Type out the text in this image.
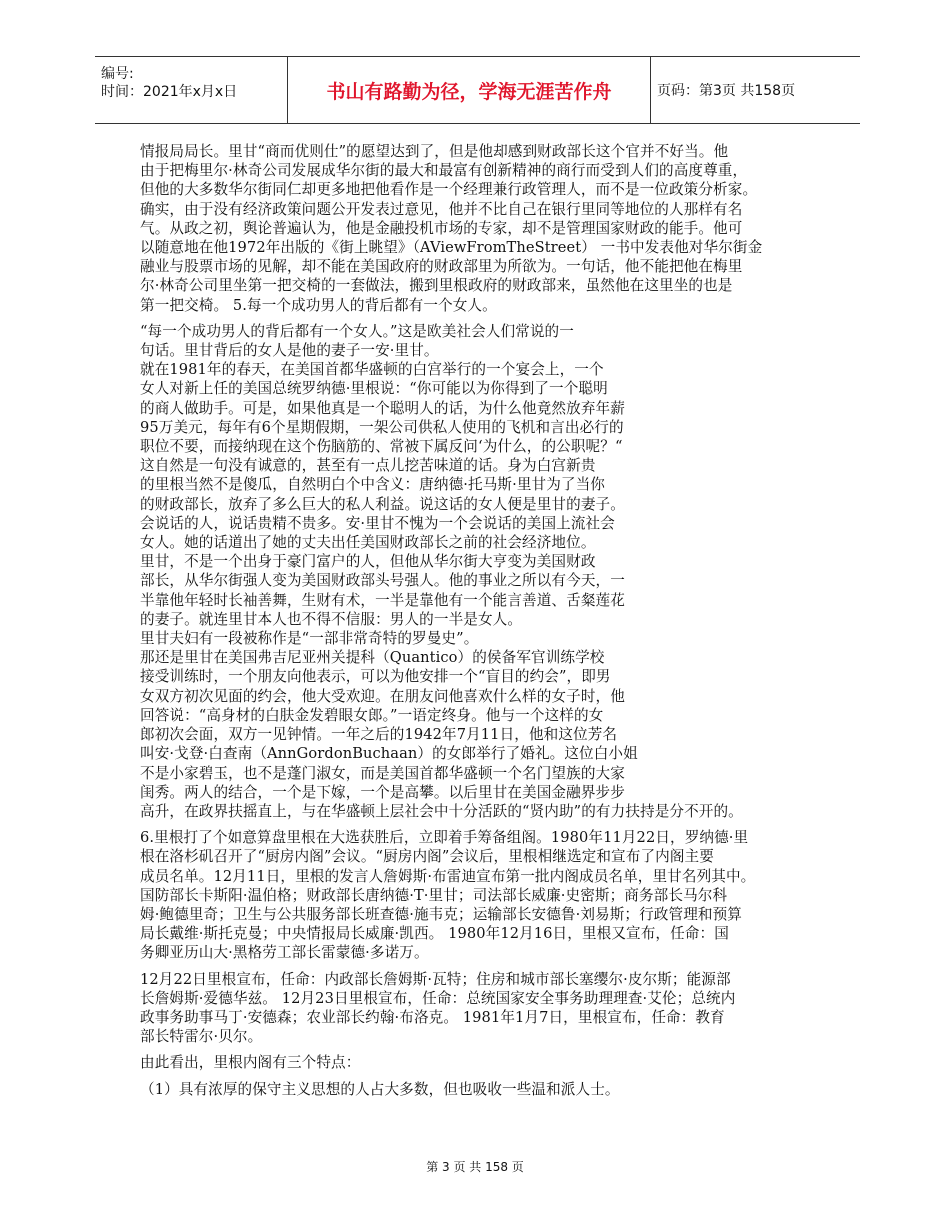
编号:
时间：2021年x月x日	书山有路勤为径，学海无涯苦作舟	页码：第3页 共158页
情报局局长。里甘“商而优则仕”的愿望达到了，但是他却感到财政部长这个官并不好当。他
由于把梅里尔·林奇公司发展成华尔街的最大和最富有创新精神的商行而受到人们的高度尊重，
但他的大多数华尔街同仁却更多地把他看作是一个经理兼行政管理人，而不是一位政策分析家。
确实，由于没有经济政策问题公开发表过意见，他并不比自己在银行里同等地位的人那样有名
气。从政之初，舆论普遍认为，他是金融投机市场的专家，却不是管理国家财政的能手。他可
以随意地在他1972年出版的《街上眺望》（AViewFromTheStreet） 一书中发表他对华尔街金
融业与股票市场的见解，却不能在美国政府的财政部里为所欲为。一句话，他不能把他在梅里
尔·林奇公司里坐第一把交椅的一套做法，搬到里根政府的财政部来，虽然他在这里坐的也是
第一把交椅。 5.每一个成功男人的背后都有一个女人。
“每一个成功男人的背后都有一个女人。”这是欧美社会人们常说的一
句话。里甘背后的女人是他的妻子一安·里甘。
就在1981年的春天，在美国首都华盛顿的白宫举行的一个宴会上，一个
女人对新上任的美国总统罗纳德·里根说：“你可能以为你得到了一个聪明
的商人做助手。可是，如果他真是一个聪明人的话，为什么他竟然放弃年薪
95万美元，每年有6个星期假期，一架公司供私人使用的飞机和言出必行的
职位不要，而接纳现在这个伤脑筋的、常被下属反问‘为什么，的公职呢？“
这自然是一句没有诚意的，甚至有一点儿挖苦味道的话。身为白宫新贵
的里根当然不是傻瓜，自然明白个中含义：唐纳德·托马斯·里甘为了当你
的财政部长，放弃了多么巨大的私人利益。说这话的女人便是里甘的妻子。
会说话的人，说话贵精不贵多。安·里甘不愧为一个会说话的美国上流社会
女人。她的话道出了她的丈夫出任美国财政部长之前的社会经济地位。
里甘，不是一个出身于豪门富户的人，但他从华尔街大亨变为美国财政
部长，从华尔街强人变为美国财政部头号强人。他的事业之所以有今天，一
半靠他年轻时长袖善舞，生财有术，一半是靠他有一个能言善道、舌粲莲花
的妻子。就连里甘本人也不得不信服：男人的一半是女人。
里甘夫妇有一段被称作是“一部非常奇特的罗曼史”。
那还是里甘在美国弗吉尼亚州关提科（Quantico）的侯备军官训练学校
接受训练时，一个朋友向他表示，可以为他安排一个“盲目的约会”，即男
女双方初次见面的约会，他大受欢迎。在朋友问他喜欢什么样的女子时，他
回答说：“高身材的白肤金发碧眼女郎。”一语定终身。他与一个这样的女
郎初次会面，双方一见钟情。一年之后的1942年7月11日，他和这位芳名
叫安·戈登·白查南（AnnGordonBuchaan）的女郎举行了婚礼。这位白小姐
不是小家碧玉，也不是蓬门淑女，而是美国首都华盛顿一个名门望族的大家
闺秀。两人的结合，一个是下嫁，一个是高攀。以后里甘在美国金融界步步
高升，在政界扶摇直上，与在华盛顿上层社会中十分活跃的“贤内助”的有力扶持是分不开的。
6.里根打了个如意算盘里根在大选获胜后，立即着手筹备组阁。1980年11月22日，罗纳德·里
根在洛杉矶召开了“厨房内阁”会议。“厨房内阁”会议后，里根相继选定和宣布了内阁主要
成员名单。12月11日，里根的发言人詹姆斯·布雷迪宣布第一批内阁成员名单，里甘名列其中。
国防部长卡斯阳·温伯格；财政部长唐纳德·T·里甘；司法部长威廉·史密斯；商务部长马尔科
姆·鲍德里奇；卫生与公共服务部长班查德·施韦克；运输部长安德鲁·刘易斯；行政管理和预算
局长戴维·斯托克曼；中央情报局长威廉·凯西。 1980年12月16日，里根又宣布，任命：国
务卿亚历山大·黑格劳工部长雷蒙德·多诺万。
12月22日里根宣布，任命：内政部长詹姆斯·瓦特；住房和城市部长塞缨尔·皮尔斯；能源部
长詹姆斯·爱德华兹。 12月23日里根宣布，任命：总统国家安全事务助理理查·艾伦；总统内
政事务助事马丁·安德森；农业部长约翰·布洛克。 1981年1月7日，里根宣布，任命：教育
部长特雷尔·贝尔。
由此看出，里根内阁有三个特点：
（1）具有浓厚的保守主义思想的人占大多数，但也吸收一些温和派人士。
第 3 页 共 158 页
